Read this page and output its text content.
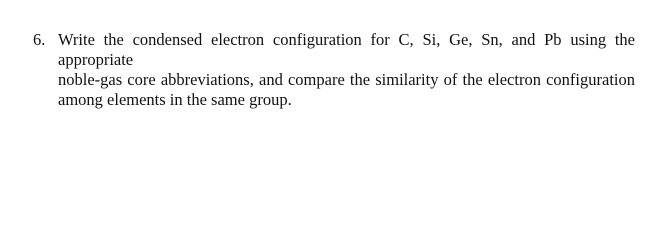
6. Write the condensed electron configuration for C, Si, Ge, Sn, and Pb using the appropriate
noble-gas core abbreviations, and compare the similarity of the electron configuration
among elements in the same group.
